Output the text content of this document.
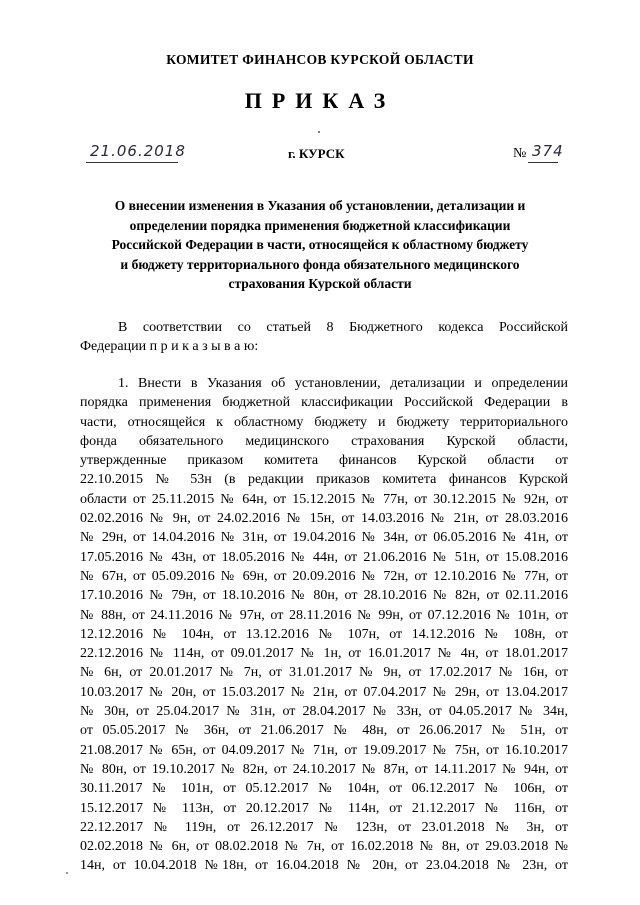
КОМИТЕТ ФИНАНСОВ КУРСКОЙ ОБЛАСТИ
ПРИКАЗ
21.06.2018	г. КУРСК	№ 374
О внесении изменения в Указания об установлении, детализации и
определении порядка применения бюджетной классификации
Российской Федерации в части, относящейся к областному бюджету
и бюджету территориального фонда обязательного медицинского
страхования Курской области
В соответствии со статьей 8 Бюджетного кодекса Российской
Федерации п р и к а з ы в а ю:
1. Внести в Указания об установлении, детализации и определении
порядка применения бюджетной классификации Российской Федерации в
части, относящейся к областному бюджету и бюджету территориального
фонда обязательного медицинского страхования Курской области,
утвержденные приказом комитета финансов Курской области от
22.10.2015 № 53н (в редакции приказов комитета финансов Курской
области от 25.11.2015 № 64н, от 15.12.2015 № 77н, от 30.12.2015 № 92н, от
02.02.2016 № 9н, от 24.02.2016 № 15н, от 14.03.2016 № 21н, от 28.03.2016
№ 29н, от 14.04.2016 № 31н, от 19.04.2016 № 34н, от 06.05.2016 № 41н, от
17.05.2016 № 43н, от 18.05.2016 № 44н, от 21.06.2016 № 51н, от 15.08.2016
№ 67н, от 05.09.2016 № 69н, от 20.09.2016 № 72н, от 12.10.2016 № 77н, от
17.10.2016 № 79н, от 18.10.2016 № 80н, от 28.10.2016 № 82н, от 02.11.2016
№ 88н, от 24.11.2016 № 97н, от 28.11.2016 № 99н, от 07.12.2016 № 101н, от
12.12.2016 № 104н, от 13.12.2016 № 107н, от 14.12.2016 № 108н, от
22.12.2016 № 114н, от 09.01.2017 № 1н, от 16.01.2017 № 4н, от 18.01.2017
№ 6н, от 20.01.2017 № 7н, от 31.01.2017 № 9н, от 17.02.2017 № 16н, от
10.03.2017 № 20н, от 15.03.2017 № 21н, от 07.04.2017 № 29н, от 13.04.2017
№ 30н, от 25.04.2017 № 31н, от 28.04.2017 № 33н, от 04.05.2017 № 34н,
от 05.05.2017 № 36н, от 21.06.2017 № 48н, от 26.06.2017 № 51н, от
21.08.2017 № 65н, от 04.09.2017 № 71н, от 19.09.2017 № 75н, от 16.10.2017
№ 80н, от 19.10.2017 № 82н, от 24.10.2017 № 87н, от 14.11.2017 № 94н, от
30.11.2017 № 101н, от 05.12.2017 № 104н, от 06.12.2017 № 106н, от
15.12.2017 № 113н, от 20.12.2017 № 114н, от 21.12.2017 № 116н, от
22.12.2017 № 119н, от 26.12.2017 № 123н, от 23.01.2018 № 3н, от
02.02.2018 № 6н, от 08.02.2018 № 7н, от 16.02.2018 № 8н, от 29.03.2018 №
14н, от 10.04.2018 №18н, от 16.04.2018 № 20н, от 23.04.2018 № 23н, от
